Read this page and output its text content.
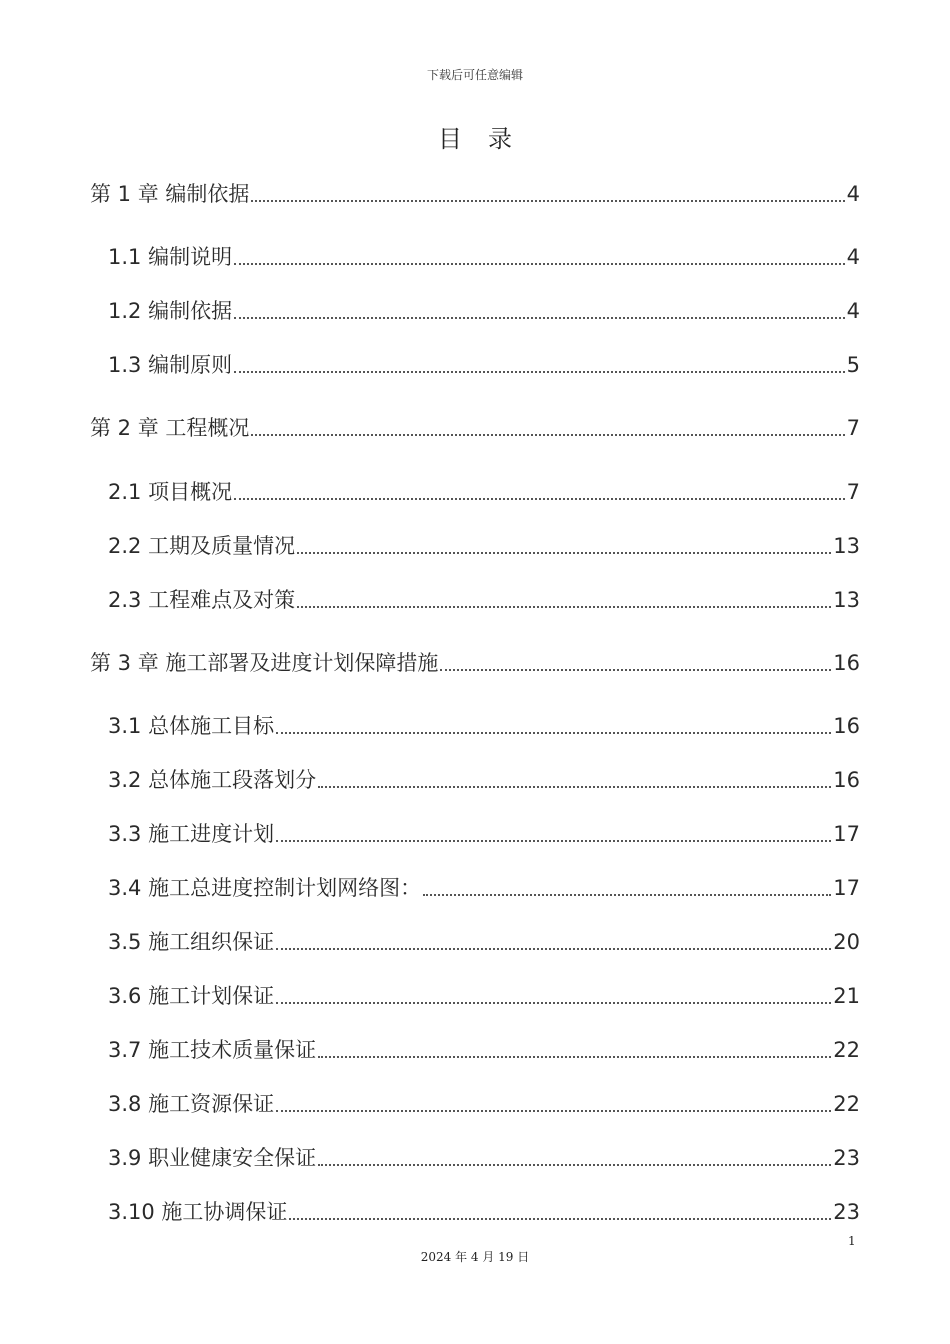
下载后可任意编辑
目录
第 1 章 编制依据	4
1.1 编制说明	4
1.2 编制依据	4
1.3 编制原则	5
第 2 章 工程概况	7
2.1 项目概况	7
2.2 工期及质量情况	13
2.3 工程难点及对策	13
第 3 章 施工部署及进度计划保障措施	16
3.1 总体施工目标	16
3.2 总体施工段落划分	16
3.3 施工进度计划	17
3.4 施工总进度控制计划网络图：	17
3.5 施工组织保证	20
3.6 施工计划保证	21
3.7 施工技术质量保证	22
3.8 施工资源保证	22
3.9 职业健康安全保证	23
3.10 施工协调保证	23
1
2024 年 4 月 19 日
